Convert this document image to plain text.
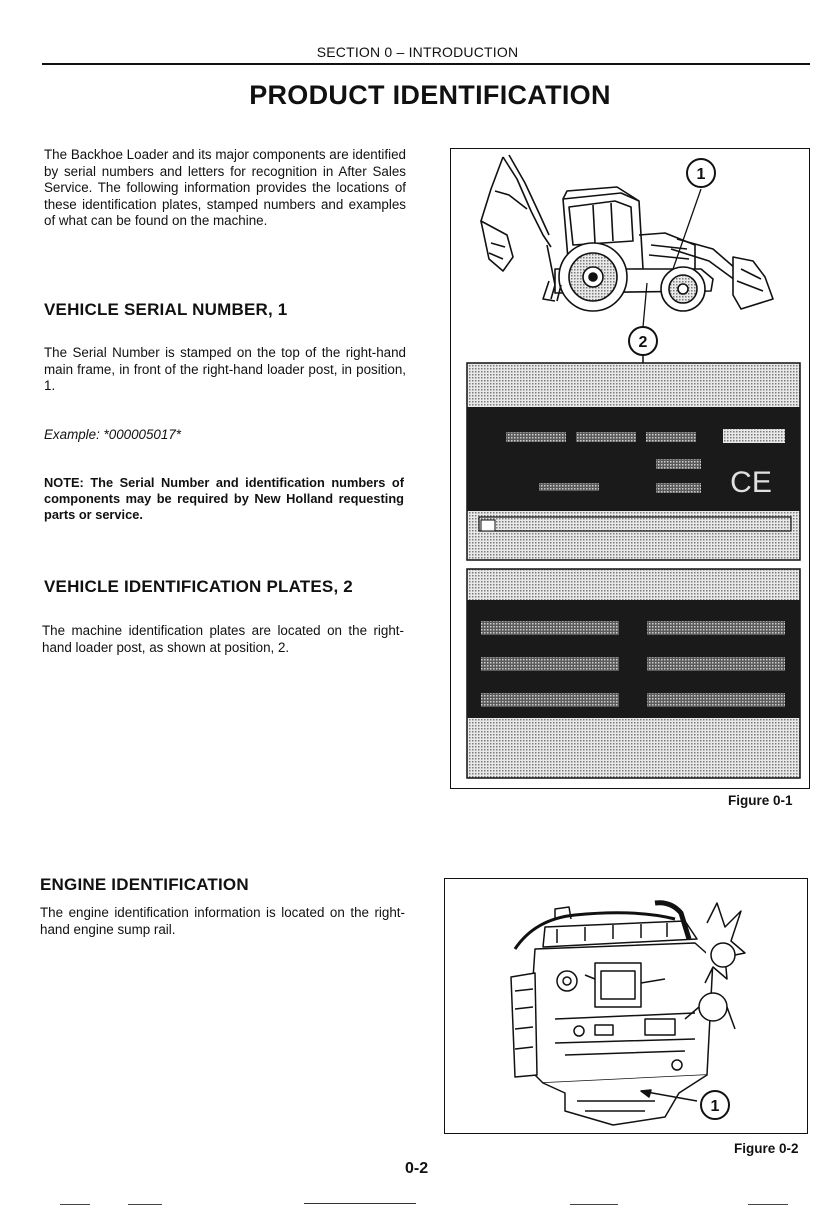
SECTION 0 – INTRODUCTION
PRODUCT IDENTIFICATION
The Backhoe Loader and its major components are identified by serial numbers and letters for recognition in After Sales Service. The following information provides the locations of these identification plates, stamped numbers and examples of what can be found on the machine.
VEHICLE SERIAL NUMBER, 1
The Serial Number is stamped on the top of the right-hand main frame, in front of the right-hand loader post, in position, 1.
Example: *000005017*
NOTE: The Serial Number and identification numbers of components may be required by New Holland requesting parts or service.
VEHICLE IDENTIFICATION PLATES, 2
The machine identification plates are located on the right-hand loader post, as shown at position, 2.
ENGINE IDENTIFICATION
The engine identification information is located on the right-hand engine sump rail.
1
2
CE
Figure 0-1
1
Figure 0-2
0-2
